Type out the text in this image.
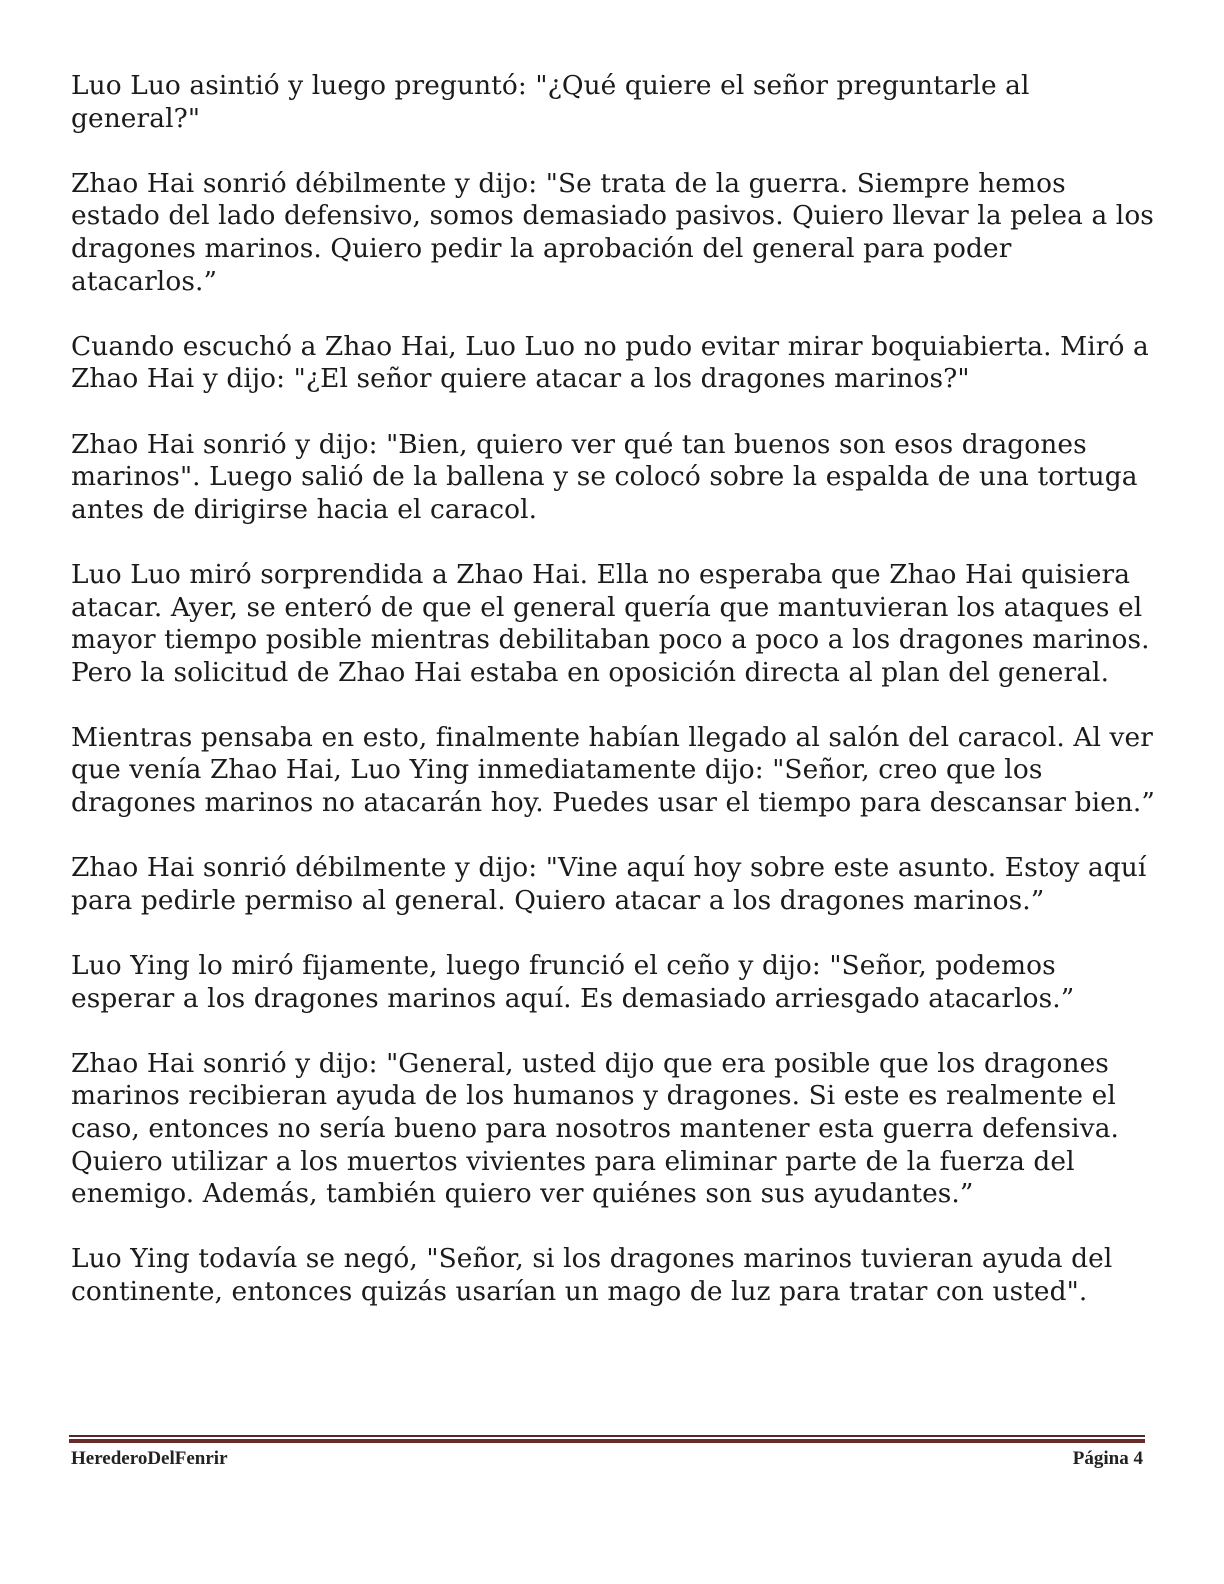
Luo Luo asintió y luego preguntó: "¿Qué quiere el señor preguntarle al general?"

Zhao Hai sonrió débilmente y dijo: "Se trata de la guerra. Siempre hemos estado del lado defensivo, somos demasiado pasivos. Quiero llevar la pelea a los dragones marinos. Quiero pedir la aprobación del general para poder atacarlos.”

Cuando escuchó a Zhao Hai, Luo Luo no pudo evitar mirar boquiabierta. Miró a Zhao Hai y dijo: "¿El señor quiere atacar a los dragones marinos?"

Zhao Hai sonrió y dijo: "Bien, quiero ver qué tan buenos son esos dragones marinos". Luego salió de la ballena y se colocó sobre la espalda de una tortuga antes de dirigirse hacia el caracol.

Luo Luo miró sorprendida a Zhao Hai. Ella no esperaba que Zhao Hai quisiera atacar. Ayer, se enteró de que el general quería que mantuvieran los ataques el mayor tiempo posible mientras debilitaban poco a poco a los dragones marinos. Pero la solicitud de Zhao Hai estaba en oposición directa al plan del general.

Mientras pensaba en esto, finalmente habían llegado al salón del caracol. Al ver que venía Zhao Hai, Luo Ying inmediatamente dijo: "Señor, creo que los dragones marinos no atacarán hoy. Puedes usar el tiempo para descansar bien.”

Zhao Hai sonrió débilmente y dijo: "Vine aquí hoy sobre este asunto. Estoy aquí para pedirle permiso al general. Quiero atacar a los dragones marinos.”

Luo Ying lo miró fijamente, luego frunció el ceño y dijo: "Señor, podemos esperar a los dragones marinos aquí. Es demasiado arriesgado atacarlos.”

Zhao Hai sonrió y dijo: "General, usted dijo que era posible que los dragones marinos recibieran ayuda de los humanos y dragones. Si este es realmente el caso, entonces no sería bueno para nosotros mantener esta guerra defensiva. Quiero utilizar a los muertos vivientes para eliminar parte de la fuerza del enemigo. Además, también quiero ver quiénes son sus ayudantes.”

Luo Ying todavía se negó, "Señor, si los dragones marinos tuvieran ayuda del continente, entonces quizás usarían un mago de luz para tratar con usted".

HerederoDelFenrir	Página 4
